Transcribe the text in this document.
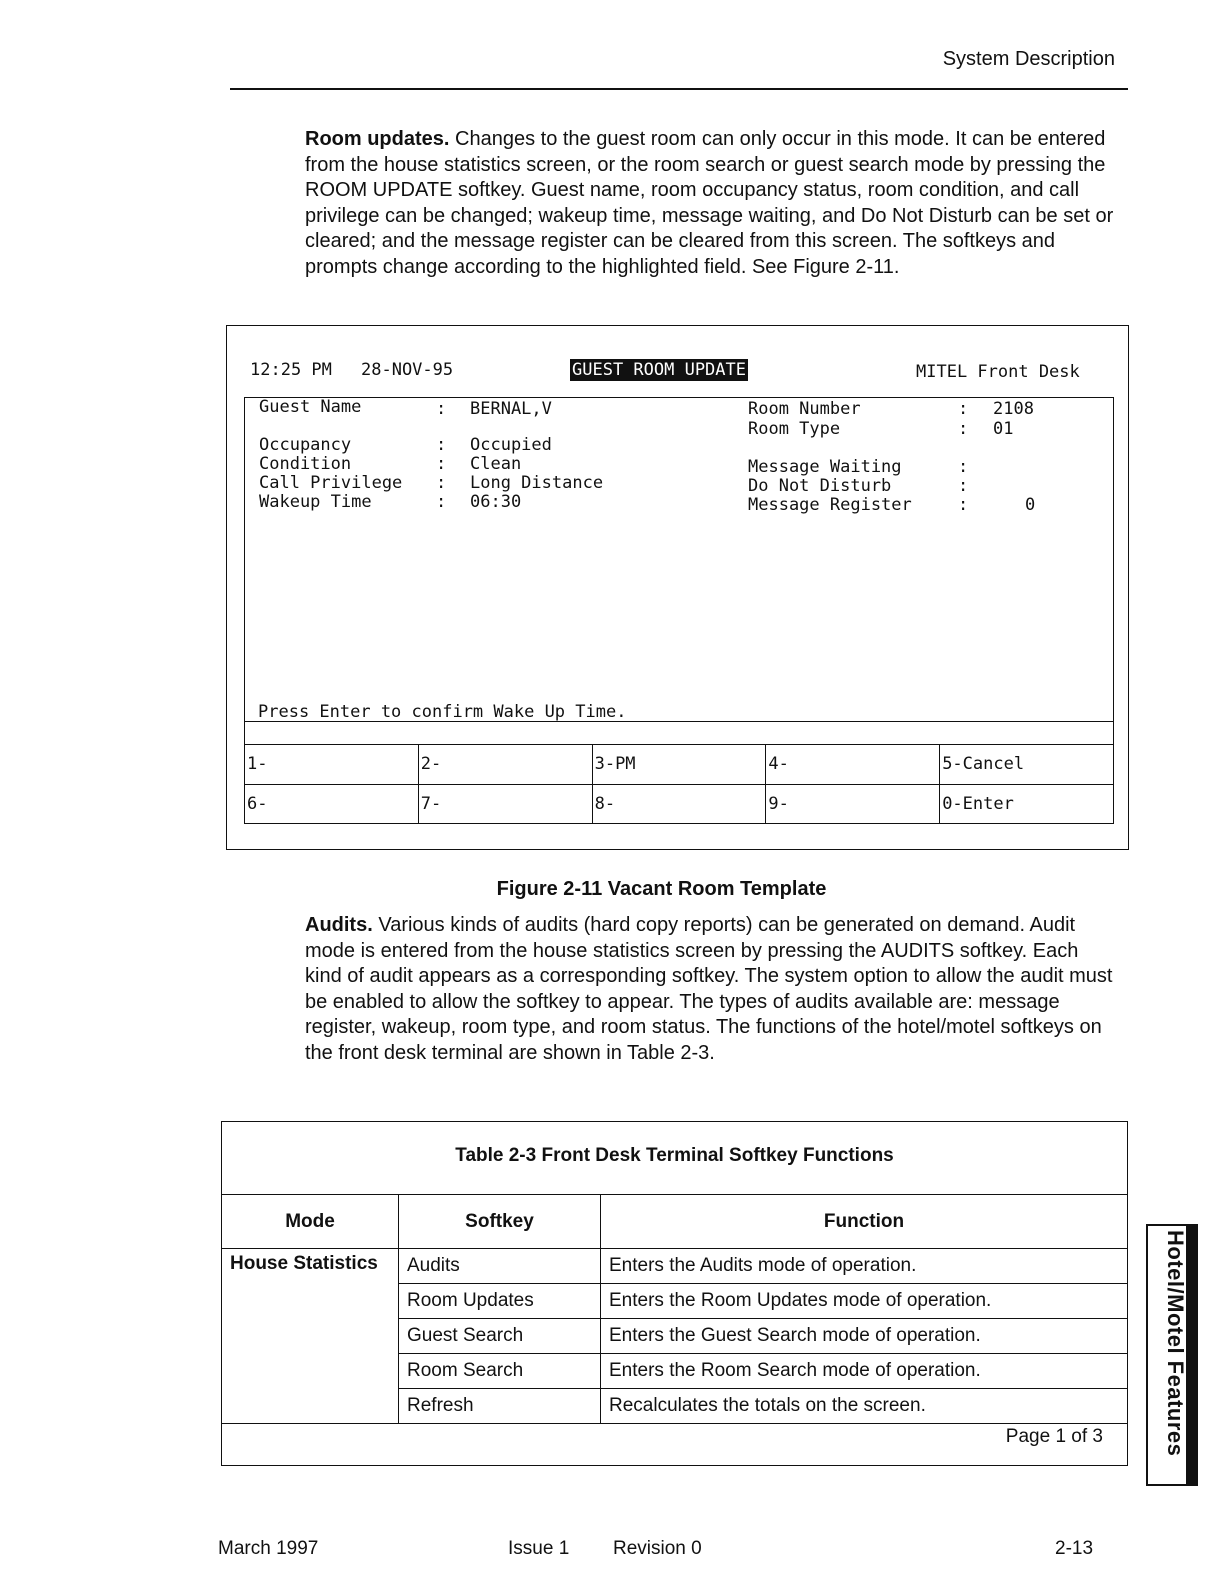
System Description
Room updates. Changes to the guest room can only occur in this mode. It can be entered from the house statistics screen, or the room search or guest search mode by pressing the ROOM UPDATE softkey. Guest name, room occupancy status, room condition, and call privilege can be changed; wakeup time, message waiting, and Do Not Disturb can be set or cleared; and the message register can be cleared from this screen. The softkeys and prompts change according to the highlighted field. See Figure 2-11.
12:25 PM 28-NOV-95	GUEST ROOM UPDATE	MITEL Front Desk
Guest Name	: BERNAL,V
Occupancy	: Occupied
Condition	: Clean
Call Privilege : Long Distance
Wakeup Time	: 06:30
Room Number	: 2108
Room Type	: 01
Message Waiting	:
Do Not Disturb	:
Message Register	:	0
Press Enter to confirm Wake Up Time.
1-	2-	3-PM	4-	5-Cancel
6-	7-	8-	9-	0-Enter
Figure 2-11 Vacant Room Template
Audits. Various kinds of audits (hard copy reports) can be generated on demand. Audit mode is entered from the house statistics screen by pressing the AUDITS softkey. Each kind of audit appears as a corresponding softkey. The system option to allow the audit must be enabled to allow the softkey to appear. The types of audits available are: message register, wakeup, room type, and room status. The functions of the hotel/motel softkeys on the front desk terminal are shown in Table 2-3.
Table 2-3 Front Desk Terminal Softkey Functions
Mode	Softkey	Function
House Statistics	Audits	Enters the Audits mode of operation.
	Room Updates	Enters the Room Updates mode of operation.
	Guest Search	Enters the Guest Search mode of operation.
	Room Search	Enters the Room Search mode of operation.
	Refresh	Recalculates the totals on the screen.
Page 1 of 3	Hotel/Motel Features
March 1997	Issue 1 Revision 0	2-13
